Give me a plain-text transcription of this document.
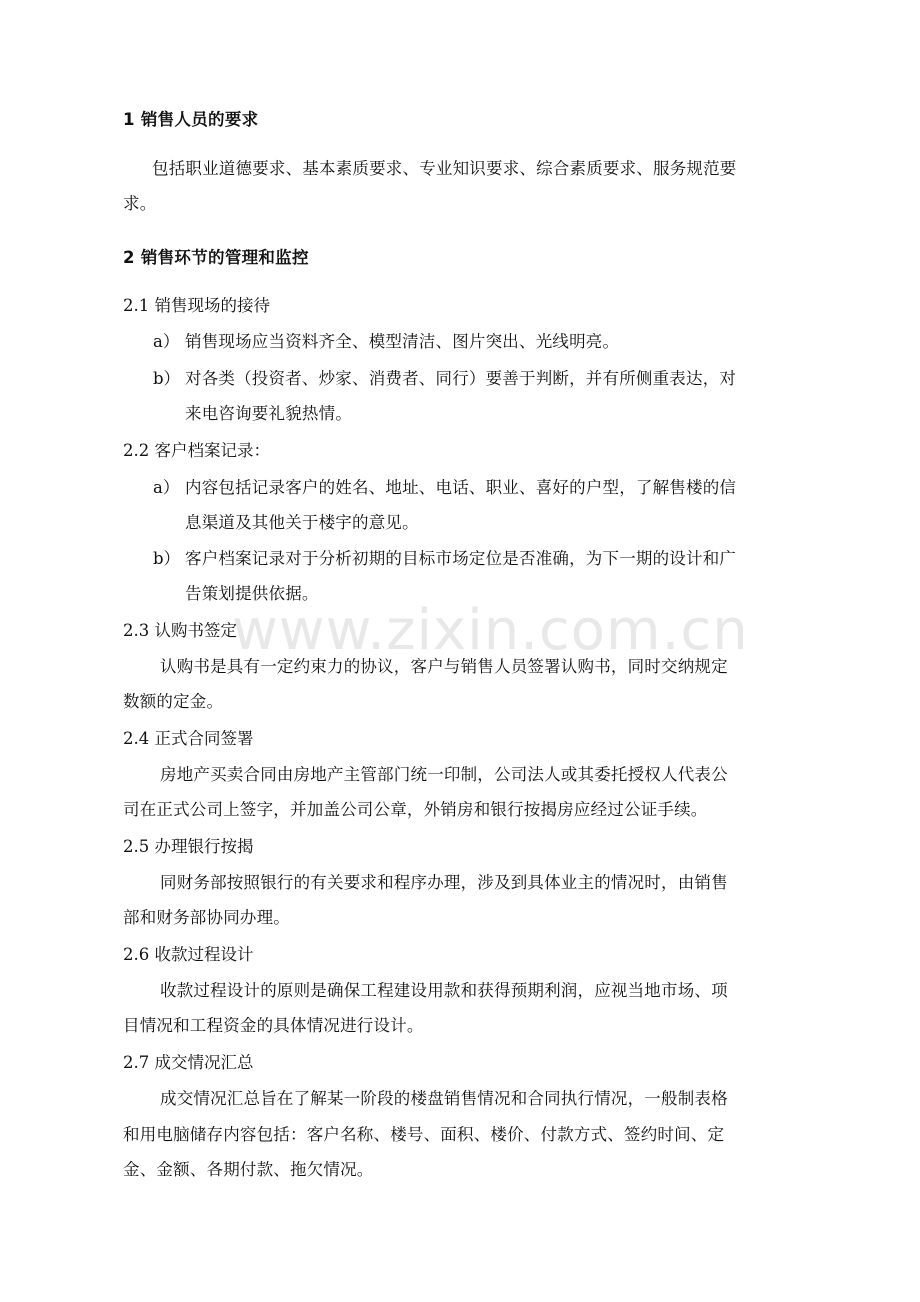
1 销售人员的要求
包括职业道德要求、基本素质要求、专业知识要求、综合素质要求、服务规范要
求。
2 销售环节的管理和监控
2.1 销售现场的接待
a） 销售现场应当资料齐全、模型清洁、图片突出、光线明亮。
b） 对各类（投资者、炒家、消费者、同行）要善于判断，并有所侧重表达，对
来电咨询要礼貌热情。
2.2 客户档案记录：
a） 内容包括记录客户的姓名、地址、电话、职业、喜好的户型，了解售楼的信
息渠道及其他关于楼宇的意见。
b） 客户档案记录对于分析初期的目标市场定位是否准确，为下一期的设计和广
告策划提供依据。
2.3 认购书签定
认购书是具有一定约束力的协议，客户与销售人员签署认购书，同时交纳规定
数额的定金。
2.4 正式合同签署
房地产买卖合同由房地产主管部门统一印制，公司法人或其委托授权人代表公
司在正式公司上签字，并加盖公司公章，外销房和银行按揭房应经过公证手续。
2.5 办理银行按揭
同财务部按照银行的有关要求和程序办理，涉及到具体业主的情况时，由销售
部和财务部协同办理。
2.6 收款过程设计
收款过程设计的原则是确保工程建设用款和获得预期利润，应视当地市场、项
目情况和工程资金的具体情况进行设计。
2.7 成交情况汇总
成交情况汇总旨在了解某一阶段的楼盘销售情况和合同执行情况，一般制表格
和用电脑储存内容包括：客户名称、楼号、面积、楼价、付款方式、签约时间、定
金、金额、各期付款、拖欠情况。
www.zixin.com.cn
